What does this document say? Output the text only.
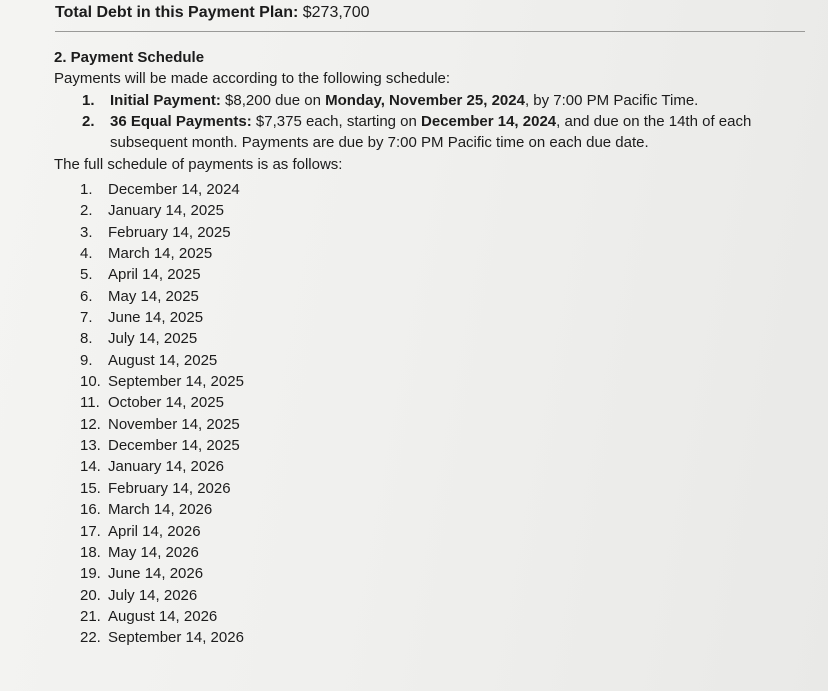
Total Debt in this Payment Plan: $273,700
2. Payment Schedule
Payments will be made according to the following schedule:
1. Initial Payment: $8,200 due on Monday, November 25, 2024, by 7:00 PM Pacific Time.
2. 36 Equal Payments: $7,375 each, starting on December 14, 2024, and due on the 14th of each subsequent month. Payments are due by 7:00 PM Pacific time on each due date.
The full schedule of payments is as follows:
1. December 14, 2024
2. January 14, 2025
3. February 14, 2025
4. March 14, 2025
5. April 14, 2025
6. May 14, 2025
7. June 14, 2025
8. July 14, 2025
9. August 14, 2025
10. September 14, 2025
11. October 14, 2025
12. November 14, 2025
13. December 14, 2025
14. January 14, 2026
15. February 14, 2026
16. March 14, 2026
17. April 14, 2026
18. May 14, 2026
19. June 14, 2026
20. July 14, 2026
21. August 14, 2026
22. September 14, 2026
